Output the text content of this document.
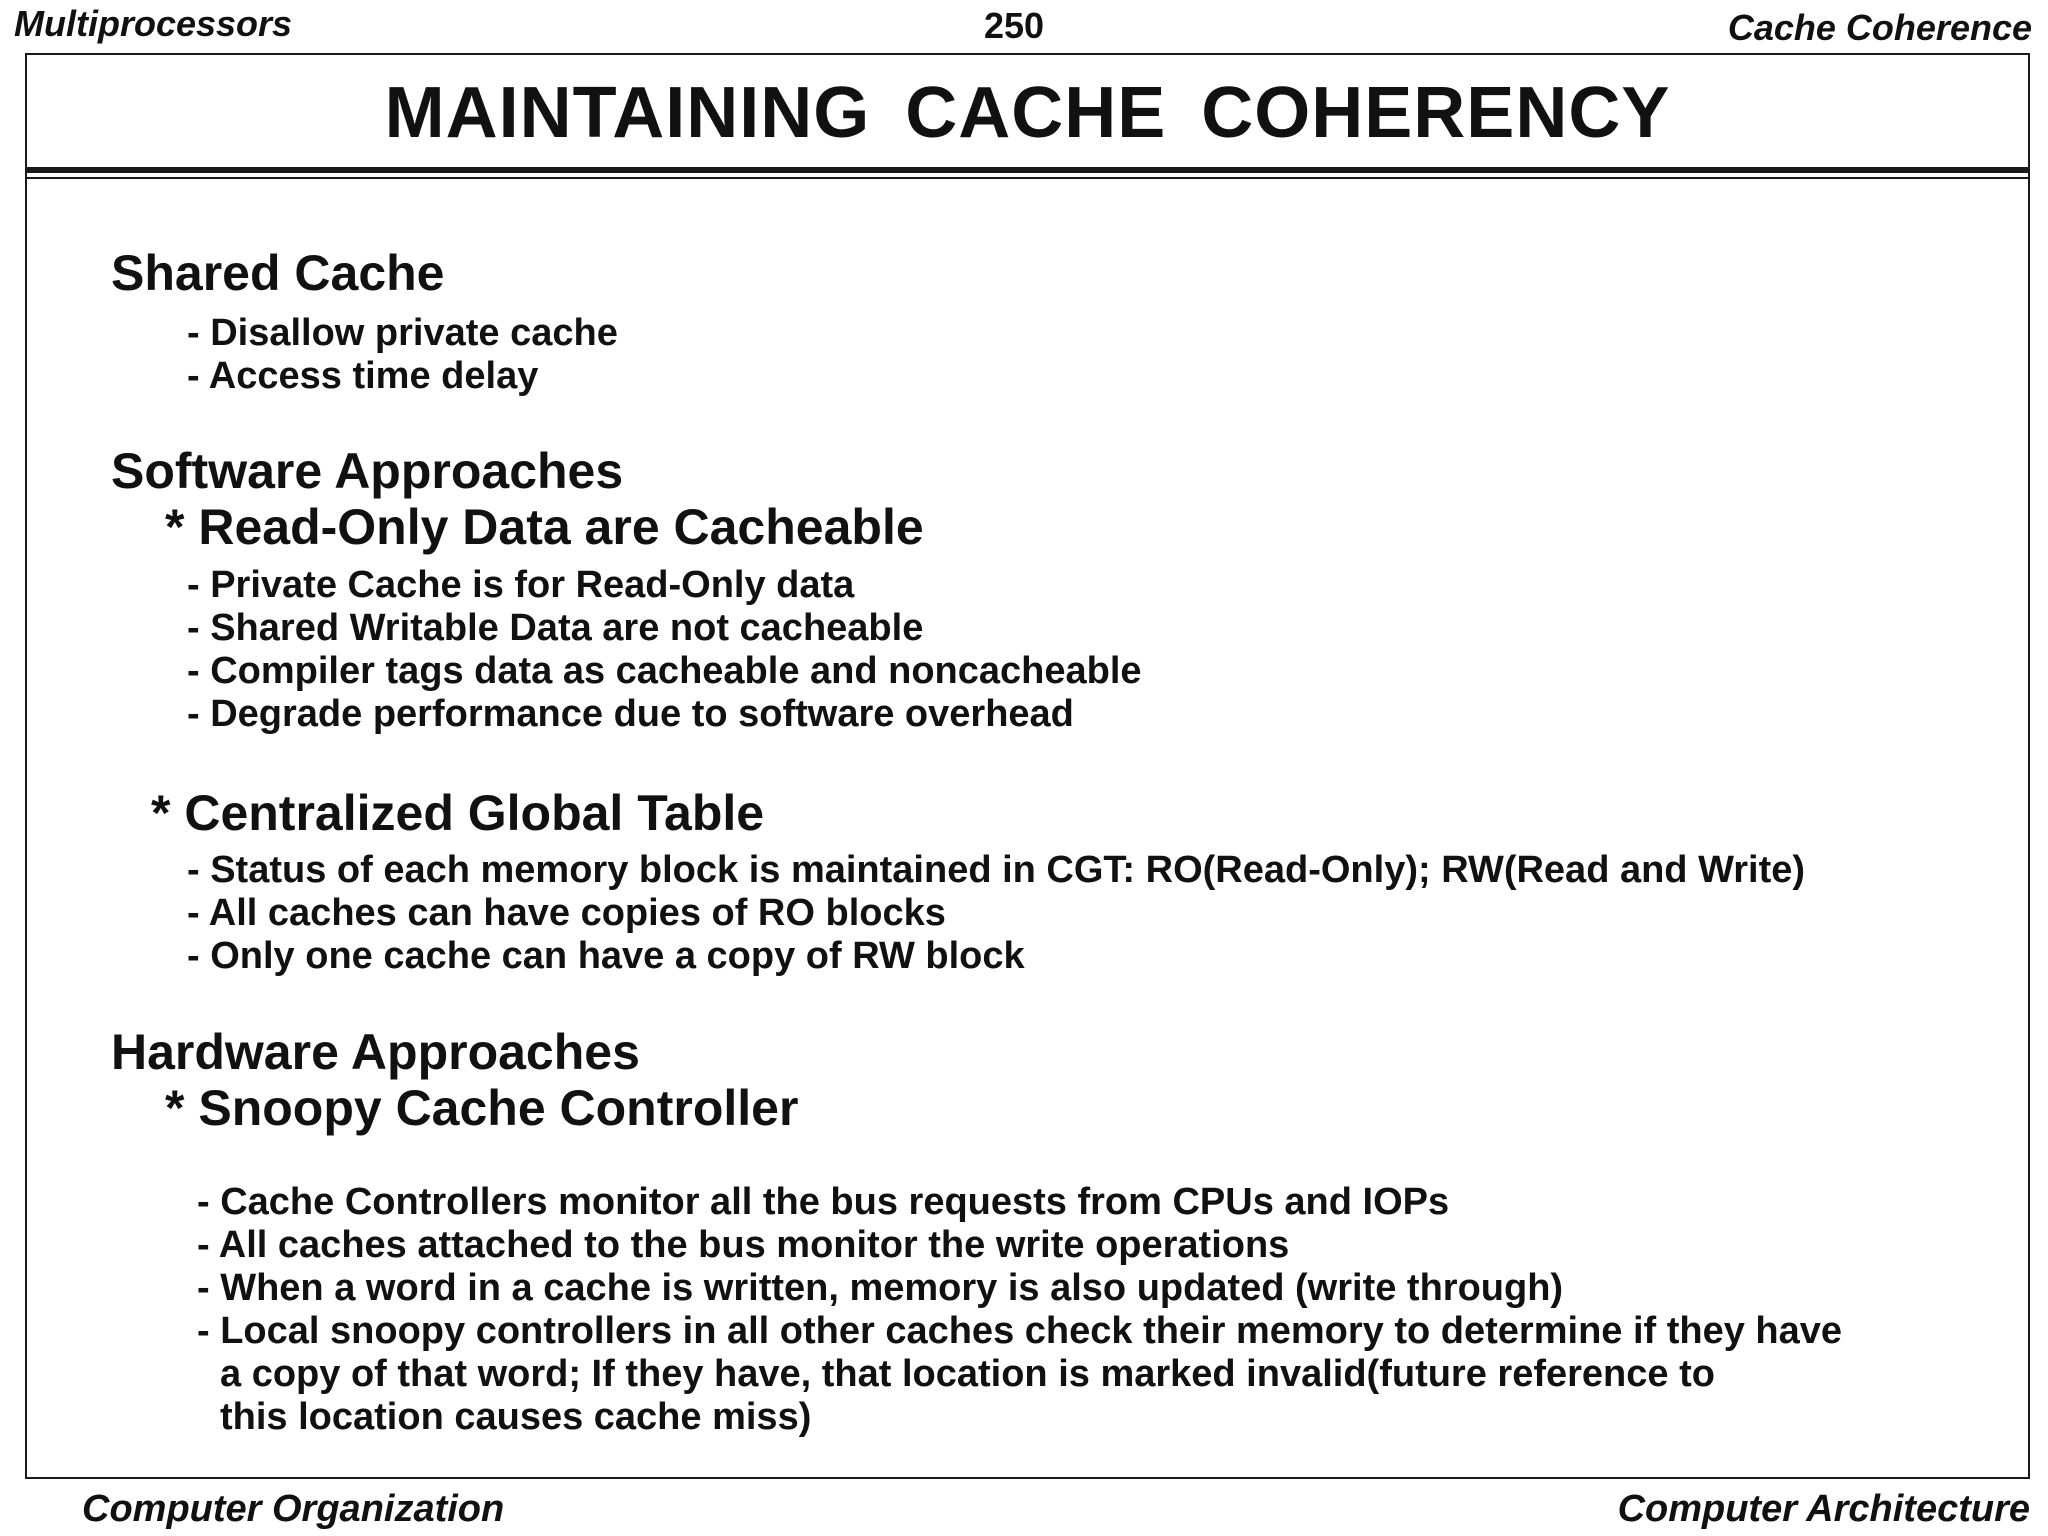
Multiprocessors	250	Cache Coherence
MAINTAINING CACHE COHERENCY
Shared Cache
- Disallow private cache
- Access time delay
Software Approaches
* Read-Only Data are Cacheable
- Private Cache is for Read-Only data
- Shared Writable Data are not cacheable
- Compiler tags data as cacheable and noncacheable
- Degrade performance due to software overhead
* Centralized Global Table
- Status of each memory block is maintained in CGT: RO(Read-Only); RW(Read and Write)
- All caches can have copies of RO blocks
- Only one cache can have a copy of RW block
Hardware Approaches
* Snoopy Cache Controller
- Cache Controllers monitor all the bus requests from CPUs and IOPs
- All caches attached to the bus monitor the write operations
- When a word in a cache is written, memory is also updated (write through)
- Local snoopy controllers in all other caches check their memory to determine if they have
a copy of that word; If they have, that location is marked invalid(future reference to
this location causes cache miss)
Computer Organization	Computer Architecture
